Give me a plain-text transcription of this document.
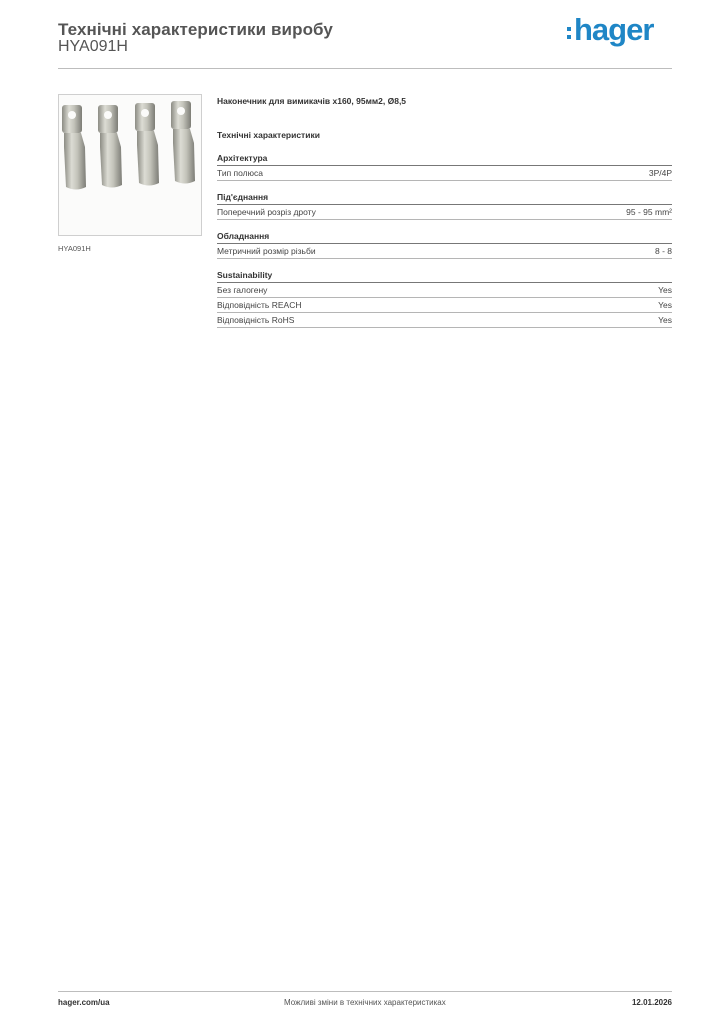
Технічні характеристики виробу
HYA091H	hager
HYA091H
Наконечник для вимикачів x160, 95мм2, Ø8,5
Технічні характеристики
Архітектура
Тип полюса	3P/4P
Під'єднання
Поперечний розріз дроту	95 - 95 mm²
Обладнання
Метричний розмір різьби	8 - 8
Sustainability
Без галогену	Yes
Відповідність REACH	Yes
Відповідність RoHS	Yes
hager.com/ua	Можливі зміни в технічних характеристиках	12.01.2026
